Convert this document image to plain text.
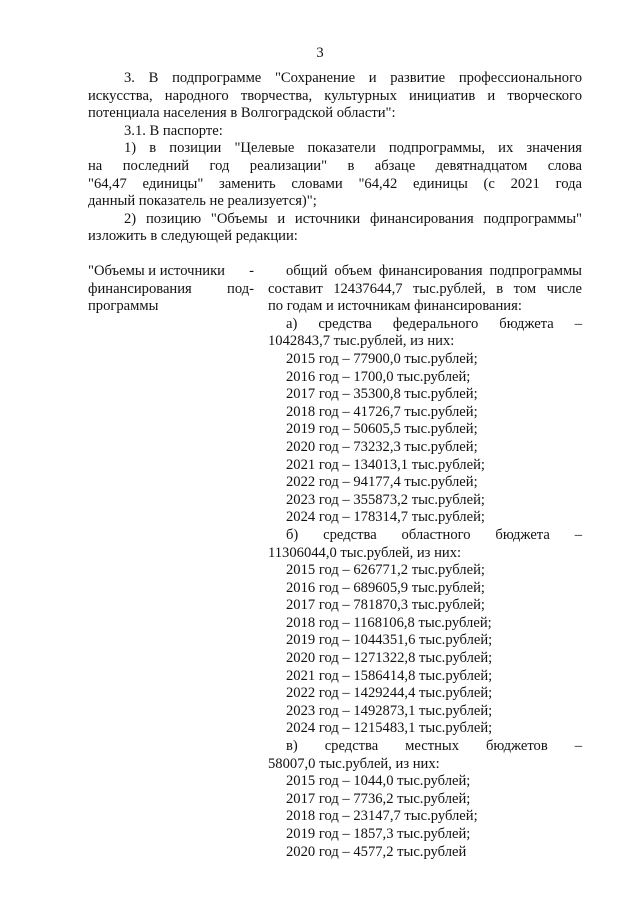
3
3. В подпрограмме "Сохранение и развитие профессионального
искусства, народного творчества, культурных инициатив и творческого
потенциала населения в Волгоградской области":
3.1. В паспорте:
1) в позиции "Целевые показатели подпрограммы, их значения
на последний год реализации" в абзаце девятнадцатом слова
"64,47 единицы" заменить словами "64,42 единицы (с 2021 года
данный показатель не реализуется)";
2) позицию "Объемы и источники финансирования подпрограммы"
изложить в следующей редакции:
"Объемы и источники -
финансирования под-
программы
общий объем финансирования подпрограммы
составит 12437644,7 тыс.рублей, в том числе
по годам и источникам финансирования:
а) средства федерального бюджета –
1042843,7 тыс.рублей, из них:
2015 год – 77900,0 тыс.рублей;
2016 год – 1700,0 тыс.рублей;
2017 год – 35300,8 тыс.рублей;
2018 год – 41726,7 тыс.рублей;
2019 год – 50605,5 тыс.рублей;
2020 год – 73232,3 тыс.рублей;
2021 год – 134013,1 тыс.рублей;
2022 год – 94177,4 тыс.рублей;
2023 год – 355873,2 тыс.рублей;
2024 год – 178314,7 тыс.рублей;
б) средства областного бюджета –
11306044,0 тыс.рублей, из них:
2015 год – 626771,2 тыс.рублей;
2016 год – 689605,9 тыс.рублей;
2017 год – 781870,3 тыс.рублей;
2018 год – 1168106,8 тыс.рублей;
2019 год – 1044351,6 тыс.рублей;
2020 год – 1271322,8 тыс.рублей;
2021 год – 1586414,8 тыс.рублей;
2022 год – 1429244,4 тыс.рублей;
2023 год – 1492873,1 тыс.рублей;
2024 год – 1215483,1 тыс.рублей;
в) средства местных бюджетов –
58007,0 тыс.рублей, из них:
2015 год – 1044,0 тыс.рублей;
2017 год – 7736,2 тыс.рублей;
2018 год – 23147,7 тыс.рублей;
2019 год – 1857,3 тыс.рублей;
2020 год – 4577,2 тыс.рублей
